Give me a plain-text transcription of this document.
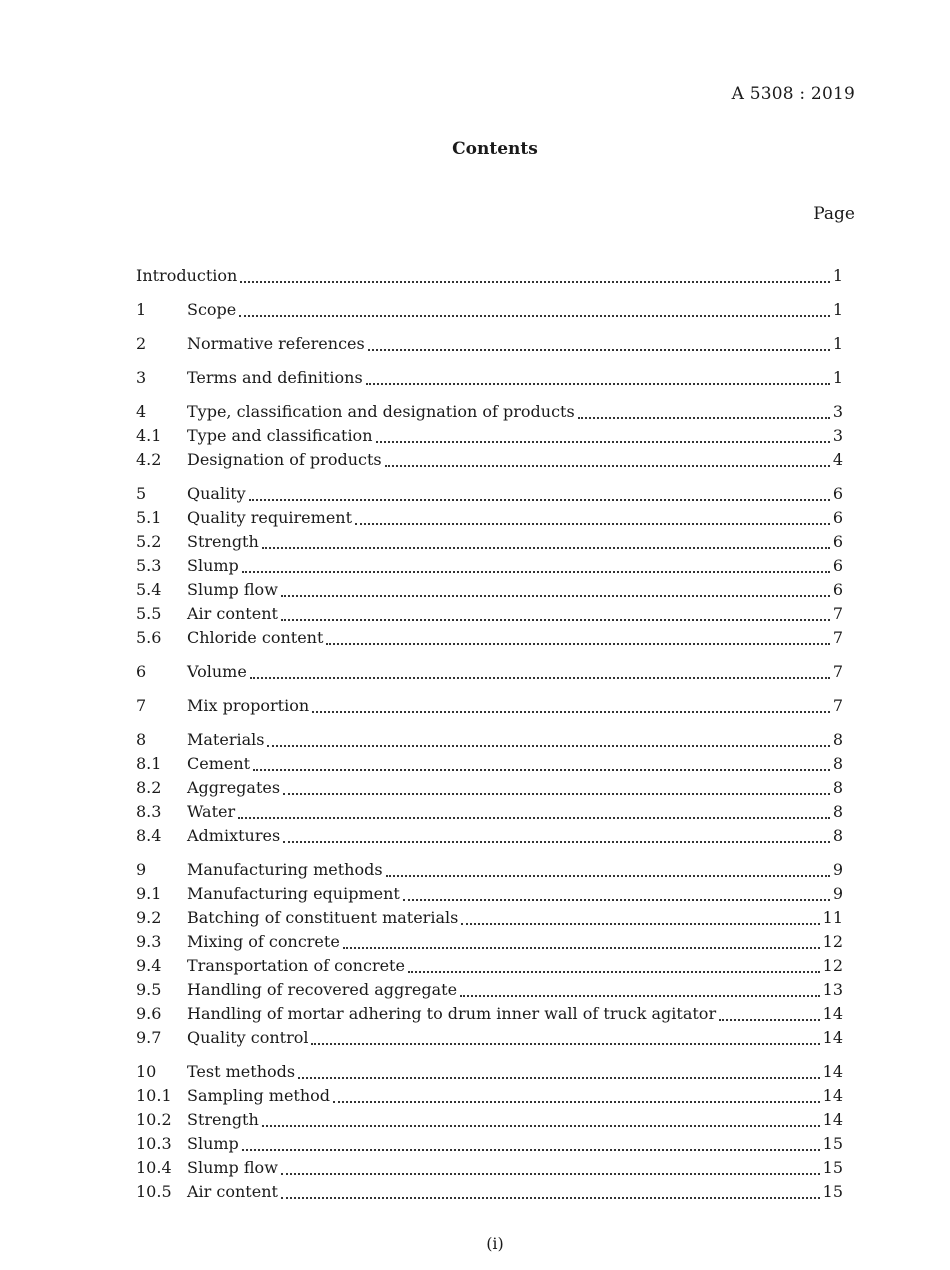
A 5308 : 2019
Contents
Page
Introduction	1
1	Scope	1
2	Normative references	1
3	Terms and definitions	1
4	Type, classification and designation of products	3
4.1	Type and classification	3
4.2	Designation of products	4
5	Quality	6
5.1	Quality requirement	6
5.2	Strength	6
5.3	Slump	6
5.4	Slump flow	6
5.5	Air content	7
5.6	Chloride content	7
6	Volume	7
7	Mix proportion	7
8	Materials	8
8.1	Cement	8
8.2	Aggregates	8
8.3	Water	8
8.4	Admixtures	8
9	Manufacturing methods	9
9.1	Manufacturing equipment	9
9.2	Batching of constituent materials	11
9.3	Mixing of concrete	12
9.4	Transportation of concrete	12
9.5	Handling of recovered aggregate	13
9.6	Handling of mortar adhering to drum inner wall of truck agitator	14
9.7	Quality control	14
10	Test methods	14
10.1 Sampling method	14
10.2 Strength	14
10.3 Slump	15
10.4 Slump flow	15
10.5 Air content	15
(i)
